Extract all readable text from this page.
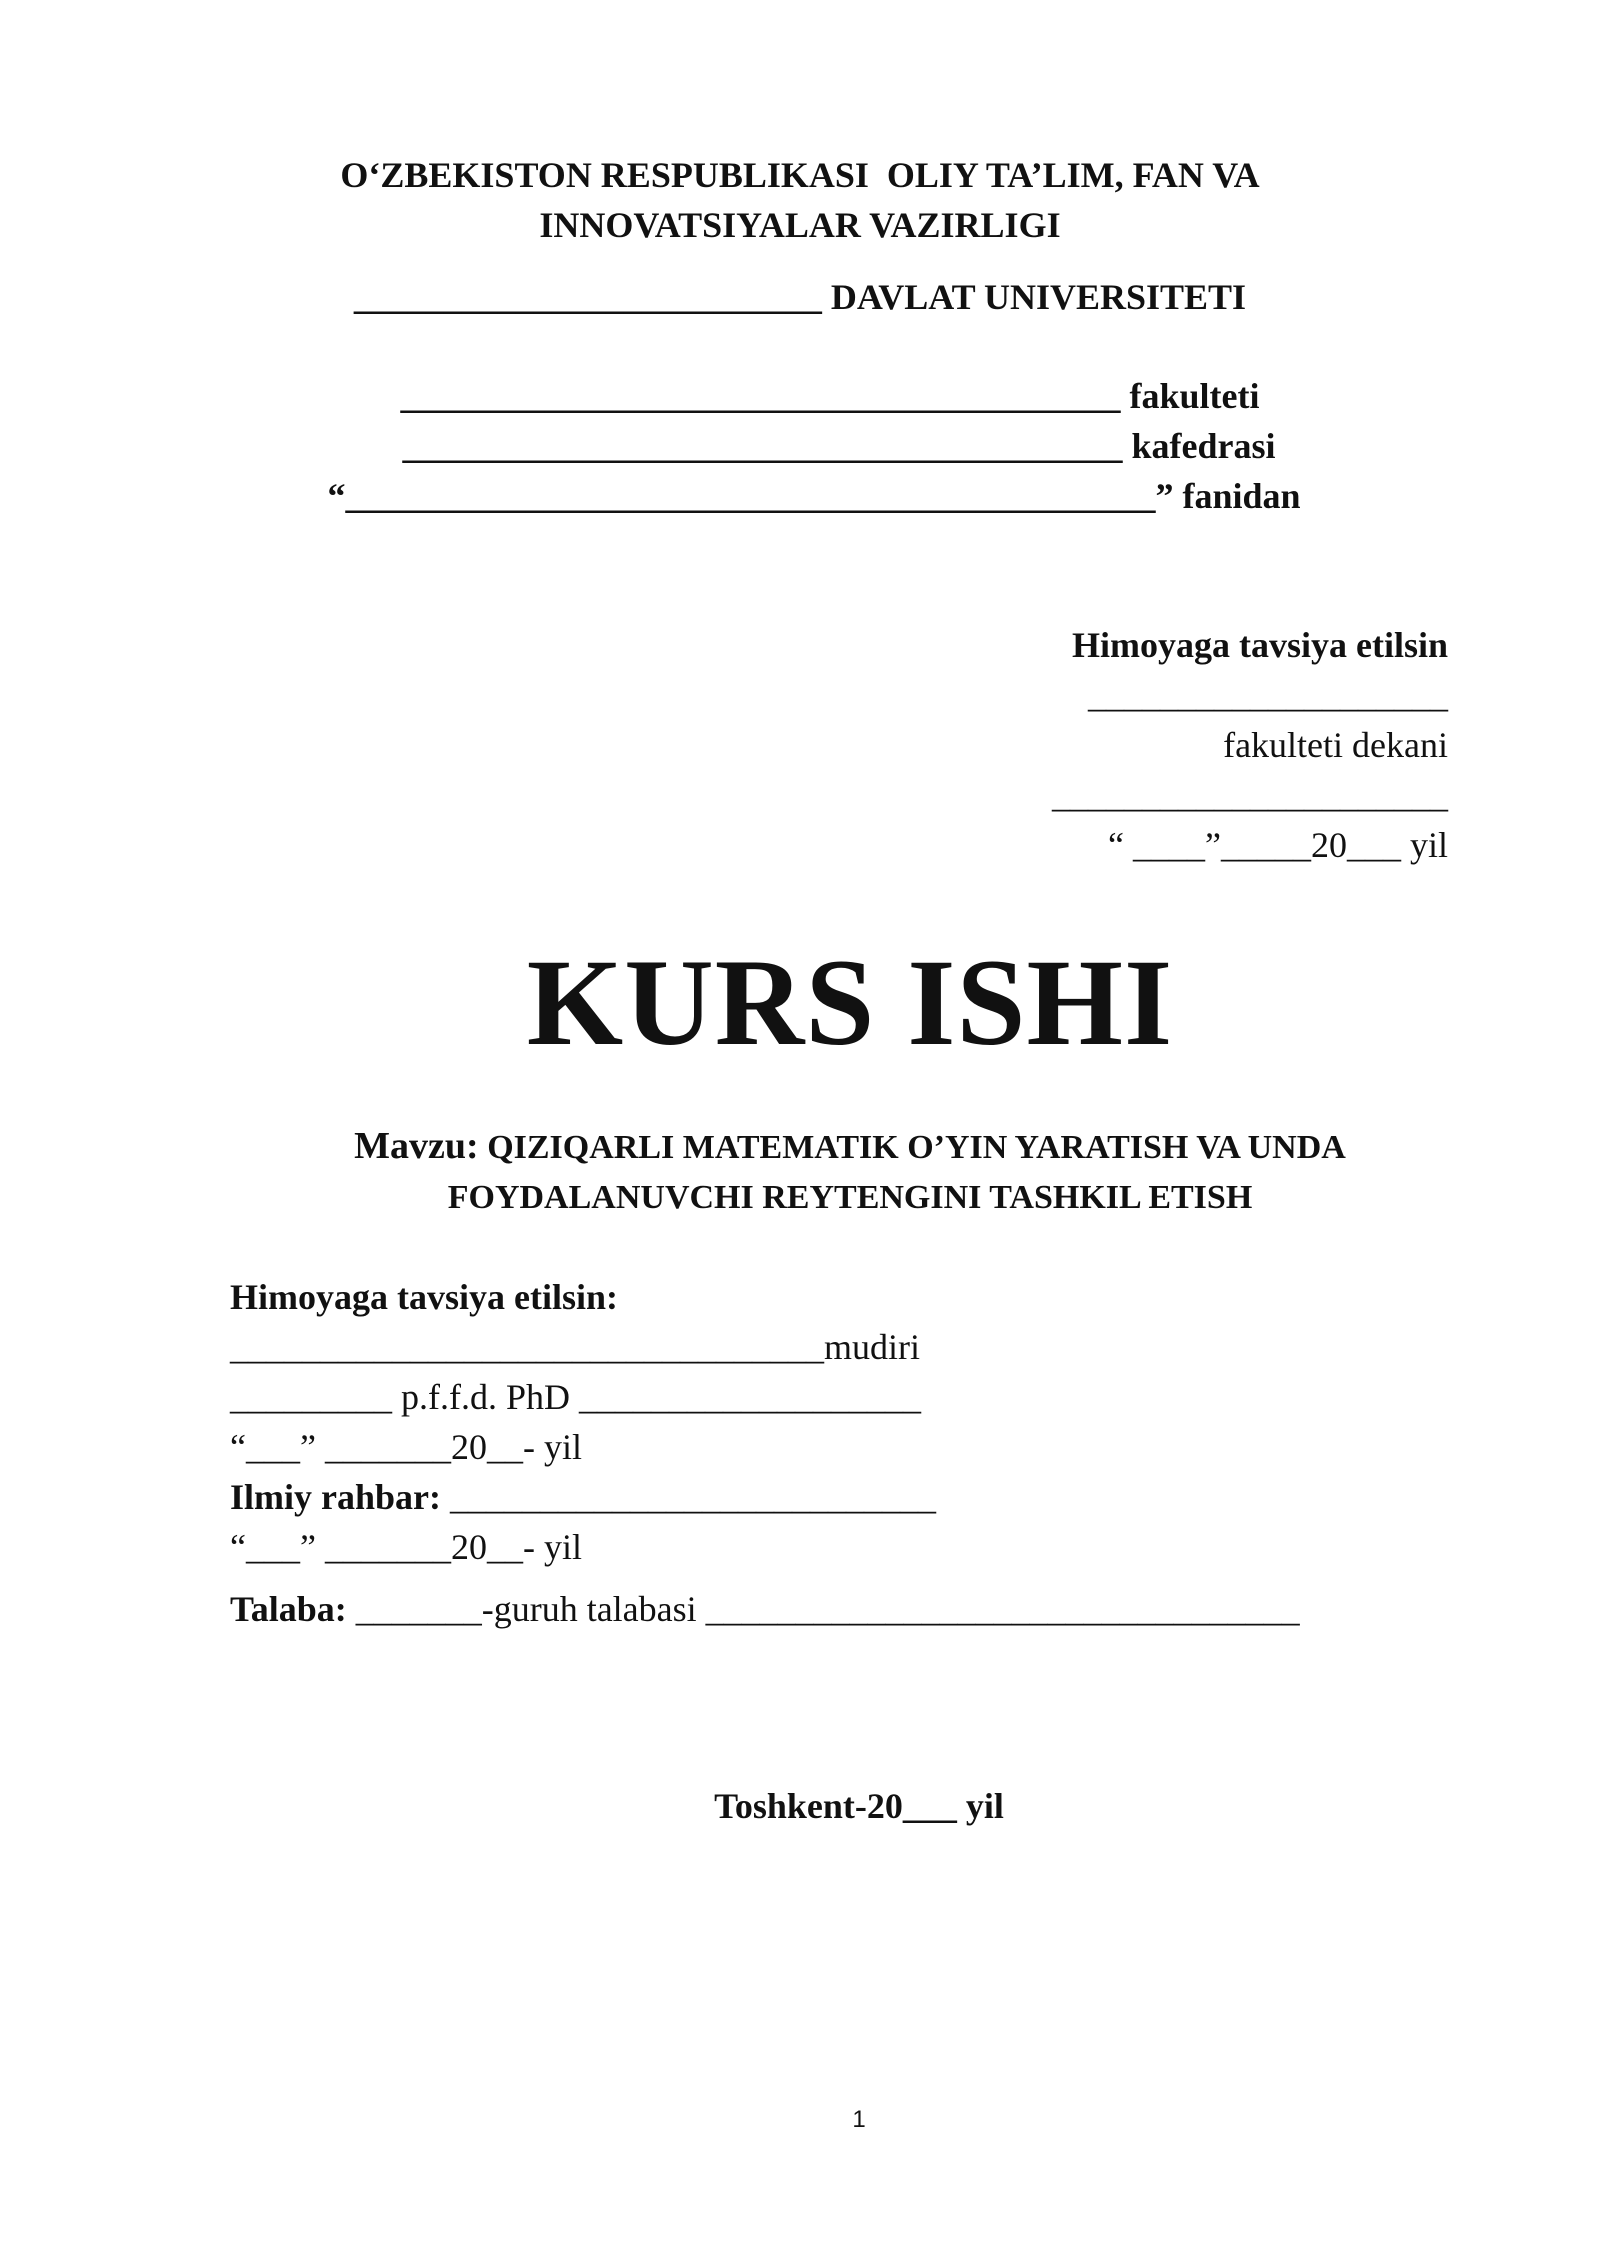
O‘ZBEKISTON RESPUBLIKASI  OLIY TA’LIM, FAN VA
INNOVATSIYALAR VAZIRLIGI
__________________________ DAVLAT UNIVERSITETI
________________________________________ fakulteti
________________________________________ kafedrasi
“_____________________________________________” fanidan
Himoyaga tavsiya etilsin
____________________
fakulteti dekani
______________________
“ ____”_____20___ yil
KURS ISHI
Mavzu: QIZIQARLI MATEMATIK O’YIN YARATISH VA UNDA
FOYDALANUVCHI REYTENGINI TASHKIL ETISH
Himoyaga tavsiya etilsin:
_________________________________mudiri
_________ p.f.f.d. PhD ___________________
“___” _______20__- yil
Ilmiy rahbar: ___________________________
“___” _______20__- yil
Talaba: _______-guruh talabasi _________________________________
Toshkent-20___ yil
1
